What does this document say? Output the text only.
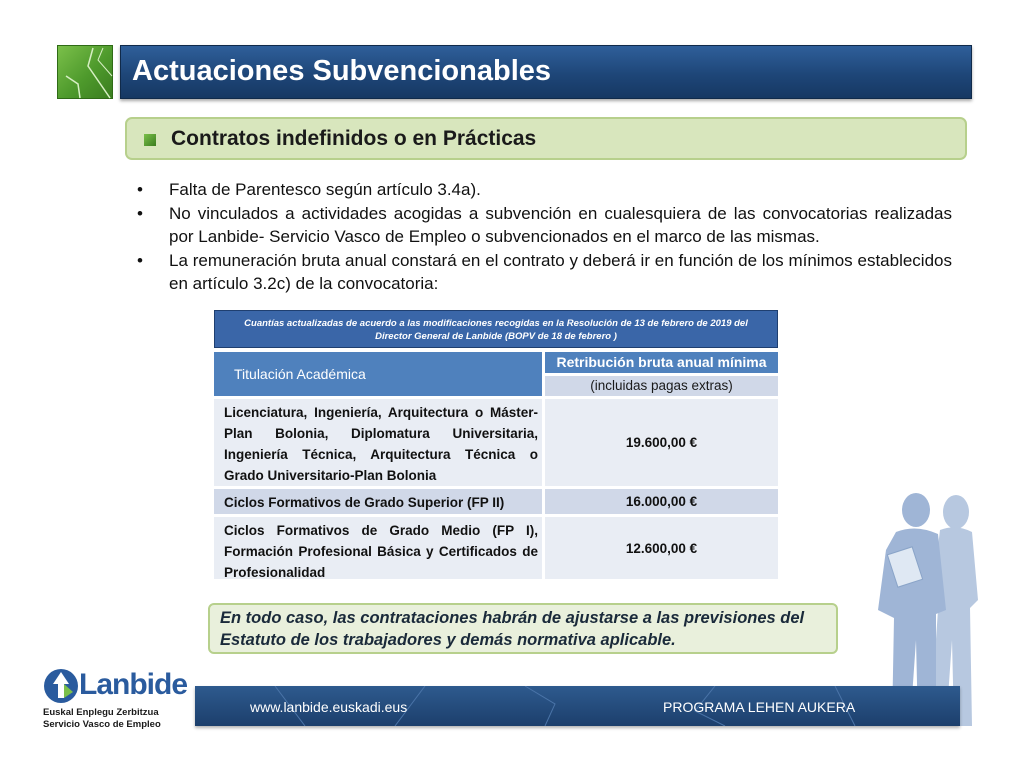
Actuaciones Subvencionables
Contratos indefinidos o en Prácticas
• Falta de Parentesco según artículo 3.4a).
• No vinculados a actividades acogidas a subvención en cualesquiera de las convocatorias realizadas por Lanbide- Servicio Vasco de Empleo o subvencionados en el marco de las mismas.
• La remuneración bruta anual constará en el contrato y deberá ir en función de los mínimos establecidos en artículo 3.2c) de la convocatoria:
Cuantías actualizadas de acuerdo a las modificaciones recogidas en la Resolución de 13 de febrero de 2019 del
Director General de Lanbide (BOPV de 18 de febrero )
Titulación Académica
Retribución bruta anual mínima
(incluidas pagas extras)
Licenciatura, Ingeniería, Arquitectura o Máster-Plan Bolonia, Diplomatura Universitaria, Ingeniería Técnica, Arquitectura Técnica o Grado Universitario-Plan Bolonia
19.600,00 €
Ciclos Formativos de Grado Superior (FP II)	16.000,00 €
Ciclos Formativos de Grado Medio (FP I), Formación Profesional Básica y Certificados de Profesionalidad
12.600,00 €
En todo caso, las contrataciones habrán de ajustarse a las previsiones del Estatuto de los trabajadores y demás normativa aplicable.
www.lanbide.euskadi.eus	PROGRAMA LEHEN AUKERA
Lanbide
Euskal Enplegu Zerbitzua
Servicio Vasco de Empleo
